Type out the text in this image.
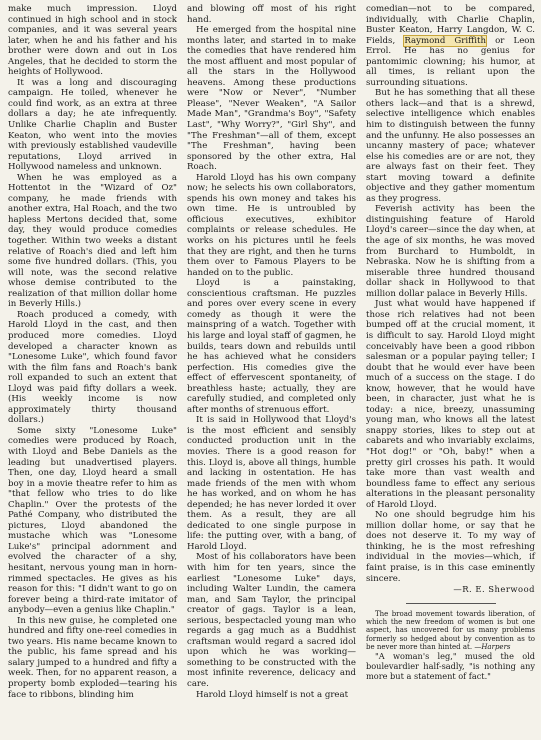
make much impression. Lloyd continued in high school and in stock companies, and it was several years later, when he and his father and his brother were down and out in Los Angeles, that he decided to storm the heights of Hollywood.

It was a long and discouraging campaign. He toiled, whenever he could find work, as an extra at three dollars a day; he ate infrequently. Unlike Charlie Chaplin and Buster Keaton, who went into the movies with previously established vaudeville reputations, Lloyd arrived in Hollywood nameless and unknown.

When he was employed as a Hottentot in the "Wizard of Oz" company, he made friends with another extra, Hal Roach, and the two hapless Mertons decided that, some day, they would produce comedies together. Within two weeks a distant relative of Roach's died and left him some five hundred dollars. (This, you will note, was the second relative whose demise contributed to the realization of that million dollar home in Beverly Hills.)

Roach produced a comedy, with Harold Lloyd in the cast, and then produced more comedies. Lloyd developed a character known as "Lonesome Luke", which found favor with the film fans and Roach's bank roll expanded to such an extent that Lloyd was paid fifty dollars a week. (His weekly income is now approximately thirty thousand dollars.)

Some sixty "Lonesome Luke" comedies were produced by Roach, with Lloyd and Bebe Daniels as the leading but unadvertised players. Then, one day, Lloyd heard a small boy in a movie theatre refer to him as "that fellow who tries to do like Chaplin." Over the protests of the Pathé Company, who distributed the pictures, Lloyd abandoned the mustache which was "Lonesome Luke's" principal adornment and evolved the character of a shy, hesitant, nervous young man in horn-rimmed spectacles. He gives as his reason for this: "I didn't want to go on forever being a third-rate imitator of anybody—even a genius like Chaplin."

In this new guise, he completed one hundred and fifty one-reel comedies in two years. His name became known to the public, his fame spread and his salary jumped to a hundred and fifty a week. Then, for no apparent reason, a property bomb exploded—tearing his face to ribbons, blinding him

and blowing off most of his right hand.

He emerged from the hospital nine months later, and started in to make the comedies that have rendered him the most affluent and most popular of all the stars in the Hollywood heavens. Among these productions were "Now or Never", "Number Please", "Never Weaken", "A Sailor Made Man", "Grandma's Boy", "Safety Last", "Why Worry?", "Girl Shy", and "The Freshman"—all of them, except "The Freshman", having been sponsored by the other extra, Hal Roach.

Harold Lloyd has his own company now; he selects his own collaborators, spends his own money and takes his own time. He is untroubled by officious executives, exhibitor complaints or release schedules. He works on his pictures until he feels that they are right, and then he turns them over to Famous Players to be handed on to the public.

Lloyd is a painstaking, conscientious craftsman. He puzzles and pores over every scene in every comedy as though it were the mainspring of a watch. Together with his large and loyal staff of gagmen, he builds, tears down and rebuilds until he has achieved what he considers perfection. His comedies give the effect of effervescent spontaneity, of breathless haste; actually, they are carefully studied, and completed only after months of strenuous effort.

It is said in Hollywood that Lloyd's is the most efficient and sensibly conducted production unit in the movies. There is a good reason for this. Lloyd is, above all things, humble and lacking in ostentation. He has made friends of the men with whom he has worked, and on whom he has depended; he has never lorded it over them. As a result, they are all dedicated to one single purpose in life: the putting over, with a bang, of Harold Lloyd.

Most of his collaborators have been with him for ten years, since the earliest "Lonesome Luke" days, including Walter Lundin, the camera man, and Sam Taylor, the principal creator of gags. Taylor is a lean, serious, bespectacled young man who regards a gag much as a Buddhist craftsman would regard a sacred idol upon which he was working—something to be constructed with the most infinite reverence, delicacy and care.

Harold Lloyd himself is not a great

comedian—not to be compared, individually, with Charlie Chaplin, Buster Keaton, Harry Langdon, W. C. Fields, Raymond Griffith or Leon Errol. He has no genius for pantomimic clowning; his humor, at all times, is reliant upon the surrounding situations.

But he has something that all these others lack—and that is a shrewd, selective intelligence which enables him to distinguish between the funny and the unfunny. He also possesses an uncanny mastery of pace; whatever else his comedies are or are not, they are always fast on their feet. They start moving toward a definite objective and they gather momentum as they progress.

Feverish activity has been the distinguishing feature of Harold Lloyd's career—since the day when, at the age of six months, he was moved from Burchard to Humboldt, in Nebraska. Now he is shifting from a miserable three hundred thousand dollar shack in Hollywood to that million dollar palace in Beverly Hills.

Just what would have happened if those rich relatives had not been bumped off at the crucial moment, it is difficult to say. Harold Lloyd might conceivably have been a good ribbon salesman or a popular paying teller; I doubt that he would ever have been much of a success on the stage. I do know, however, that he would have been, in character, just what he is today: a nice, breezy, unassuming young man, who knows all the latest snappy stories, likes to step out at cabarets and who invariably exclaims, "Hot dog!" or "Oh, baby!" when a pretty girl crosses his path. It would take more than vast wealth and boundless fame to effect any serious alterations in the pleasant personality of Harold Lloyd.

No one should begrudge him his million dollar home, or say that he does not deserve it. To my way of thinking, he is the most refreshing individual in the movies—which, if faint praise, is in this case eminently sincere.

—R. E. Sherwood

The broad movement towards liberation, of which the new freedom of women is but one aspect, has uncovered for us many problems formerly so hedged about by convention as to be never more than hinted at. —Harpers

"A woman's leg," mused the old boulevardier half-sadly, "is nothing any more but a statement of fact."
